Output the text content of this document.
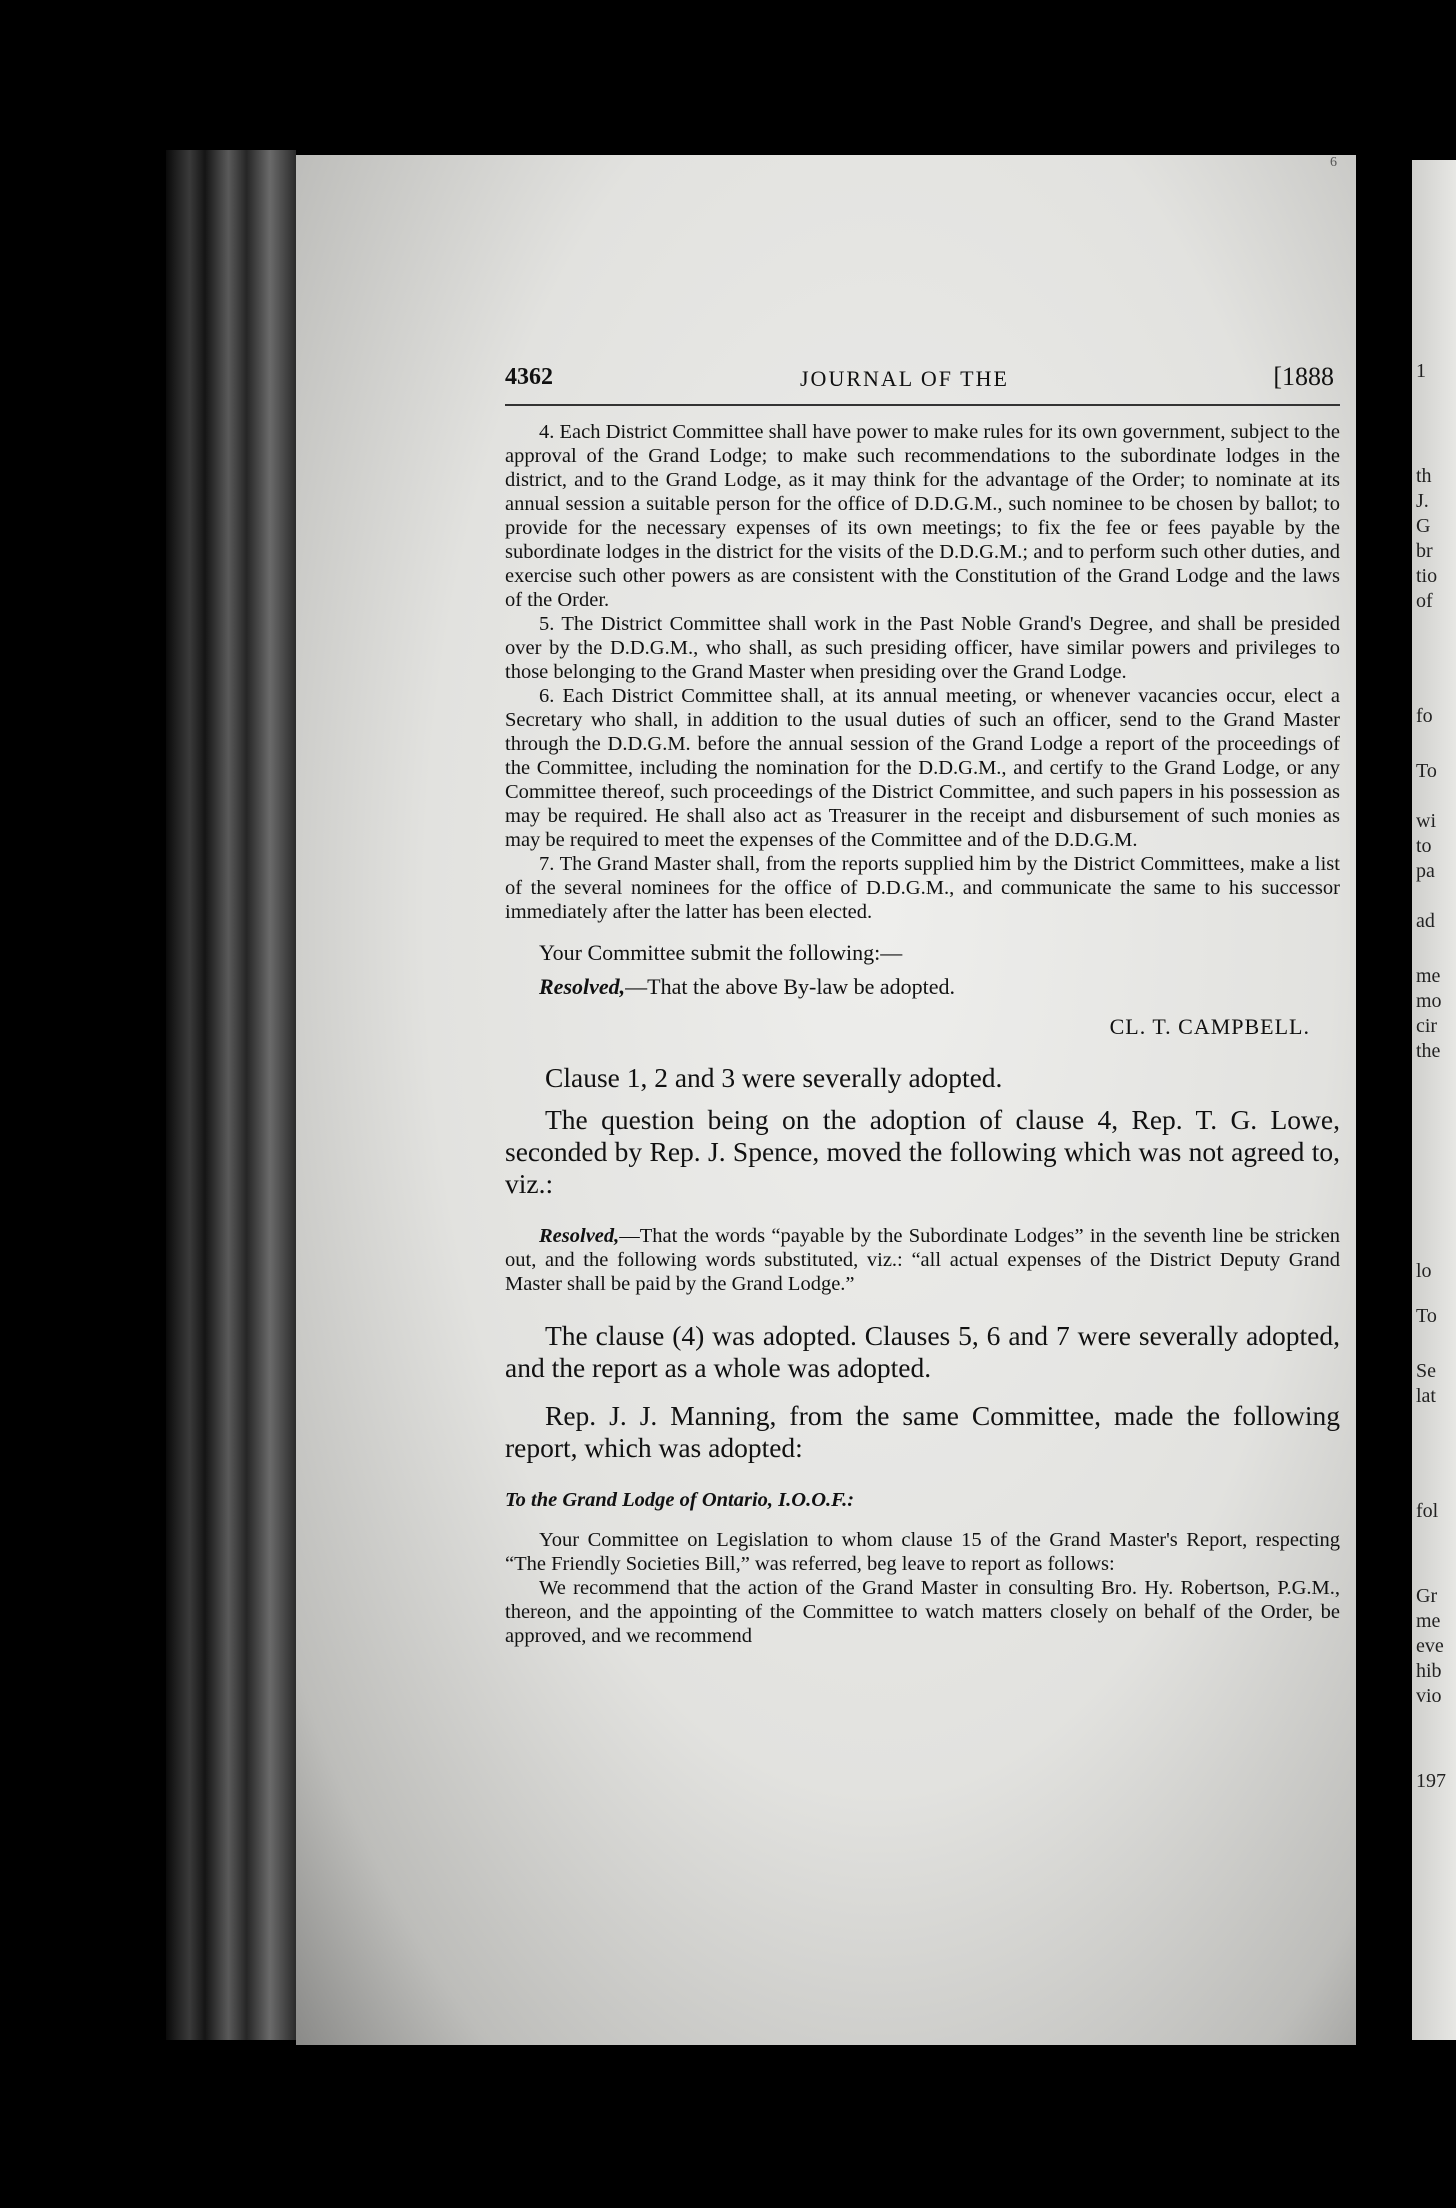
6
1
th
J.
G
br
tio
of
fo
To
wi
to
pa
ad
me
mo
cir
the
lo
To
Se
lat
fol
Gr
me
eve
hib
vio
197
4362	JOURNAL OF THE	[1888

4. Each District Committee shall have power to make rules for its own government, subject to the approval of the Grand Lodge; to make such recommendations to the subordinate lodges in the district, and to the Grand Lodge, as it may think for the advantage of the Order; to nominate at its annual session a suitable person for the office of D.D.G.M., such nominee to be chosen by ballot; to provide for the necessary expenses of its own meetings; to fix the fee or fees payable by the subordinate lodges in the district for the visits of the D.D.G.M.; and to perform such other duties, and exercise such other powers as are consistent with the Constitution of the Grand Lodge and the laws of the Order.

5. The District Committee shall work in the Past Noble Grand's Degree, and shall be presided over by the D.D.G.M., who shall, as such presiding officer, have similar powers and privileges to those belonging to the Grand Master when presiding over the Grand Lodge.

6. Each District Committee shall, at its annual meeting, or whenever vacancies occur, elect a Secretary who shall, in addition to the usual duties of such an officer, send to the Grand Master through the D.D.G.M. before the annual session of the Grand Lodge a report of the proceedings of the Committee, including the nomination for the D.D.G.M., and certify to the Grand Lodge, or any Committee thereof, such proceedings of the District Committee, and such papers in his possession as may be required. He shall also act as Treasurer in the receipt and disbursement of such monies as may be required to meet the expenses of the Committee and of the D.D.G.M.

7. The Grand Master shall, from the reports supplied him by the District Committees, make a list of the several nominees for the office of D.D.G.M., and communicate the same to his successor immediately after the latter has been elected.

Your Committee submit the following:—

Resolved,—That the above By-law be adopted.

CL. T. CAMPBELL.

Clause 1, 2 and 3 were severally adopted.

The question being on the adoption of clause 4, Rep. T. G. Lowe, seconded by Rep. J. Spence, moved the following which was not agreed to, viz.:

Resolved,—That the words “payable by the Subordinate Lodges” in the seventh line be stricken out, and the following words substituted, viz.: “all actual expenses of the District Deputy Grand Master shall be paid by the Grand Lodge.”

The clause (4) was adopted. Clauses 5, 6 and 7 were severally adopted, and the report as a whole was adopted.

Rep. J. J. Manning, from the same Committee, made the following report, which was adopted:

To the Grand Lodge of Ontario, I.O.O.F.:

Your Committee on Legislation to whom clause 15 of the Grand Master's Report, respecting “The Friendly Societies Bill,” was referred, beg leave to report as follows:

We recommend that the action of the Grand Master in consulting Bro. Hy. Robertson, P.G.M., thereon, and the appointing of the Committee to watch matters closely on behalf of the Order, be approved, and we recommend
